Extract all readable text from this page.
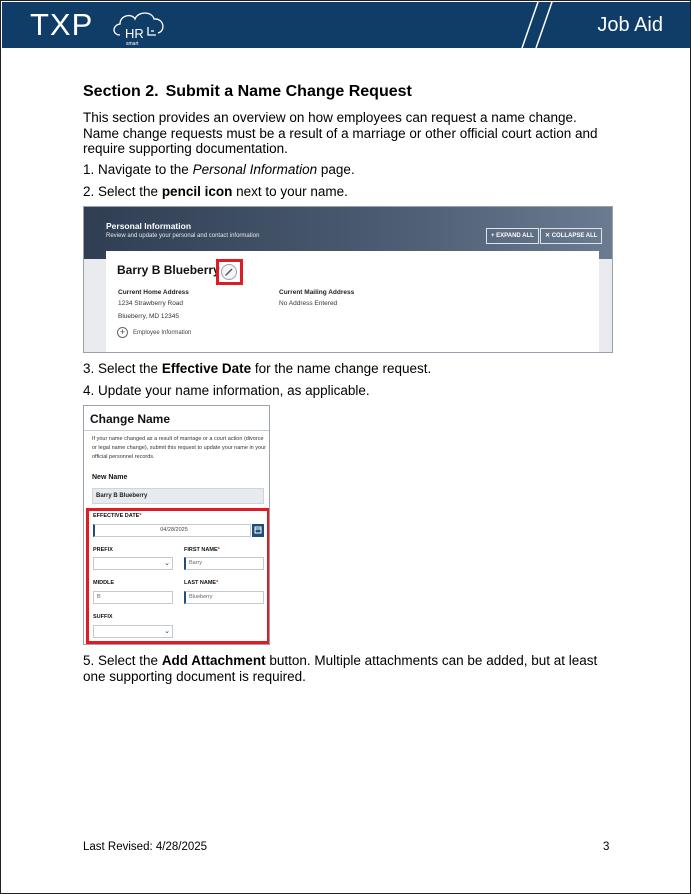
TXP HR
smart
Job Aid
Section 2. Submit a Name Change Request
This section provides an overview on how employees can request a name change. Name change requests must be a result of a marriage or other official court action and require supporting documentation.
1. Navigate to the Personal Information page.
2. Select the pencil icon next to your name.
Personal Information
Review and update your personal and contact information	+ EXPAND ALL	✕ COLLAPSE ALL
Barry B Blueberry
Current Home Address
1234 Strawberry Road
Blueberry, MD 12345
Current Mailing Address
No Address Entered
+	Employee Information
3. Select the Effective Date for the name change request.
4. Update your name information, as applicable.
Change Name
If your name changed as a result of marriage or a court action (divorce or legal name change), submit this request to update your name in your official personnel records.
New Name
Barry B Blueberry
EFFECTIVE DATE*
04/28/2025
PREFIX
⌄
FIRST NAME*
Barry
MIDDLE
B
LAST NAME*
Blueberry
SUFFIX
⌄
5. Select the Add Attachment button. Multiple attachments can be added, but at least one supporting document is required.
Last Revised: 4/28/2025	3
